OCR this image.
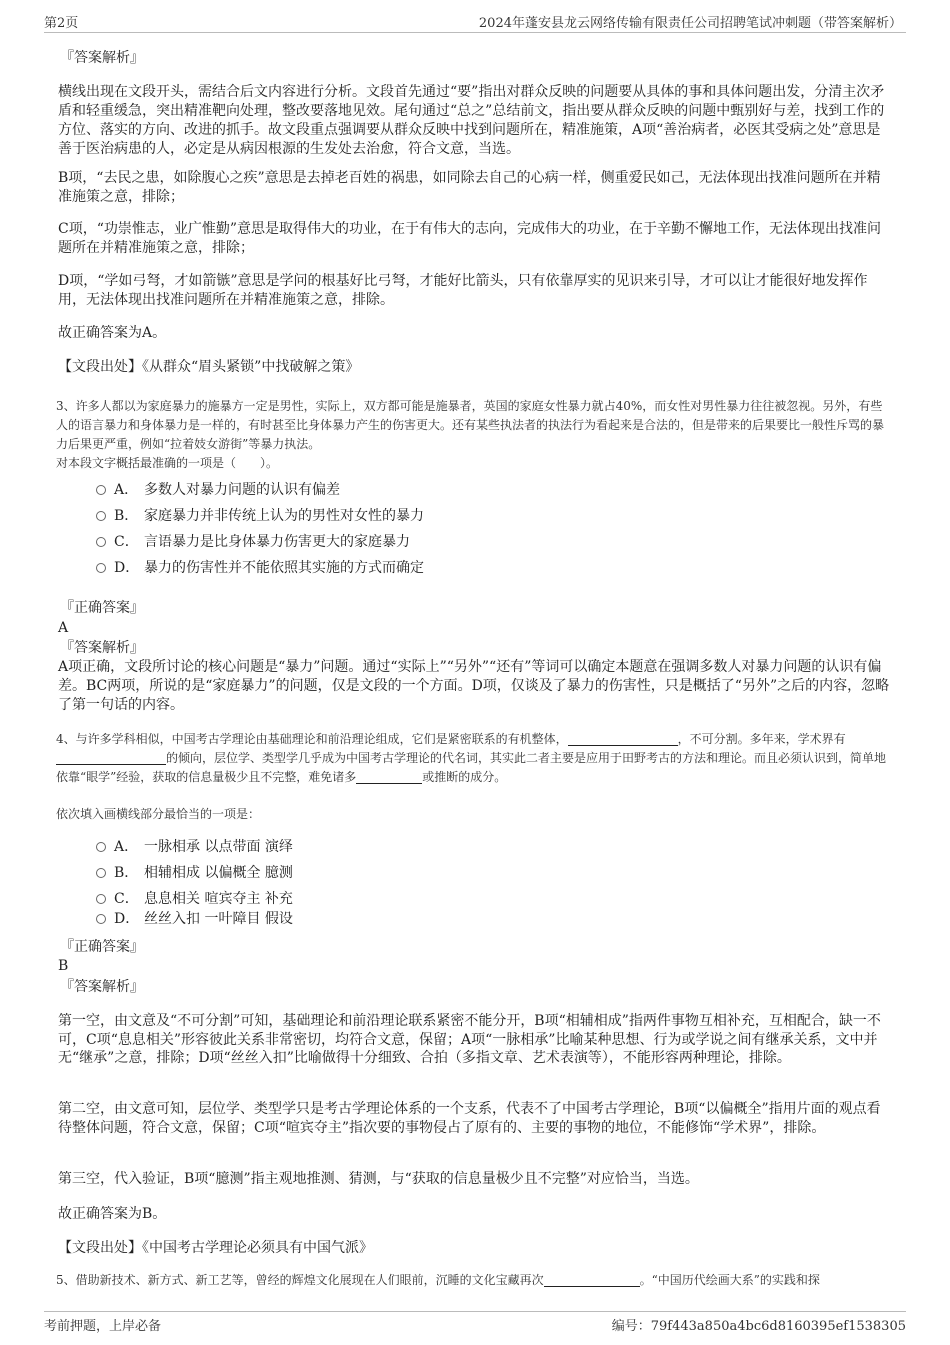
第2页	2024年蓬安县龙云网络传输有限责任公司招聘笔试冲刺题（带答案解析）

『答案解析』

横线出现在文段开头，需结合后文内容进行分析。文段首先通过“要”指出对群众反映的问题要从具体的事和具体问题出发，分清主次矛盾和轻重缓急，突出精准靶向处理，整改要落地见效。尾句通过“总之”总结前文，指出要从群众反映的问题中甄别好与差，找到工作的方位、落实的方向、改进的抓手。故文段重点强调要从群众反映中找到问题所在，精准施策，A项“善治病者，必医其受病之处”意思是善于医治病患的人，必定是从病因根源的生发处去治愈，符合文意，当选。

B项，“去民之患，如除腹心之疾”意思是去掉老百姓的祸患，如同除去自己的心病一样，侧重爱民如己，无法体现出找准问题所在并精准施策之意，排除；

C项，“功崇惟志，业广惟勤”意思是取得伟大的功业，在于有伟大的志向，完成伟大的功业，在于辛勤不懈地工作，无法体现出找准问题所在并精准施策之意，排除；

D项，“学如弓弩，才如箭镞”意思是学问的根基好比弓弩，才能好比箭头，只有依靠厚实的见识来引导，才可以让才能很好地发挥作用，无法体现出找准问题所在并精准施策之意，排除。

故正确答案为A。

【文段出处】《从群众“眉头紧锁”中找破解之策》

3、许多人都以为家庭暴力的施暴方一定是男性，实际上，双方都可能是施暴者，英国的家庭女性暴力就占40%，而女性对男性暴力往往被忽视。另外，有些人的语言暴力和身体暴力是一样的，有时甚至比身体暴力产生的伤害更大。还有某些执法者的执法行为看起来是合法的，但是带来的后果要比一般性斥骂的暴力后果更严重，例如“拉着妓女游街”等暴力执法。

对本段文字概括最准确的一项是（　　）。

A． 多数人对暴力问题的认识有偏差
B． 家庭暴力并非传统上认为的男性对女性的暴力
C． 言语暴力是比身体暴力伤害更大的家庭暴力
D． 暴力的伤害性并不能依照其实施的方式而确定

『正确答案』

A

『答案解析』

A项正确，文段所讨论的核心问题是“暴力”问题。通过“实际上”“另外”“还有”等词可以确定本题意在强调多数人对暴力问题的认识有偏差。BC两项，所说的是“家庭暴力”的问题，仅是文段的一个方面。D项，仅谈及了暴力的伤害性，只是概括了“另外”之后的内容，忽略了第一句话的内容。

4、与许多学科相似，中国考古学理论由基础理论和前沿理论组成，它们是紧密联系的有机整体，	，不可分割。多年来，学术界有的倾向，层位学、类型学几乎成为中国考古学理论的代名词，其实此二者主要是应用于田野考古的方法和理论。而且必须认识到，简单地依靠“眼学”经验，获取的信息量极少且不完整，难免诸多	或推断的成分。

依次填入画横线部分最恰当的一项是：

A． 一脉相承 以点带面 演绎
B． 相辅相成 以偏概全 臆测
C． 息息相关 喧宾夺主 补充
D． 丝丝入扣 一叶障目 假设

『正确答案』

B

『答案解析』

第一空，由文意及“不可分割”可知，基础理论和前沿理论联系紧密不能分开，B项“相辅相成”指两件事物互相补充，互相配合，缺一不可，C项“息息相关”形容彼此关系非常密切，均符合文意，保留；A项“一脉相承”比喻某种思想、行为或学说之间有继承关系，文中并无“继承”之意，排除；D项“丝丝入扣”比喻做得十分细致、合拍（多指文章、艺术表演等），不能形容两种理论，排除。

第二空，由文意可知，层位学、类型学只是考古学理论体系的一个支系，代表不了中国考古学理论，B项“以偏概全”指用片面的观点看待整体问题，符合文意，保留；C项“喧宾夺主”指次要的事物侵占了原有的、主要的事物的地位，不能修饰“学术界”，排除。

第三空，代入验证，B项“臆测”指主观地推测、猜测，与“获取的信息量极少且不完整”对应恰当，当选。

故正确答案为B。

【文段出处】《中国考古学理论必须具有中国气派》

5、借助新技术、新方式、新工艺等，曾经的辉煌文化展现在人们眼前，沉睡的文化宝藏再次	。“中国历代绘画大系”的实践和探

考前押题，上岸必备	编号：79f443a850a4bc6d8160395ef1538305
